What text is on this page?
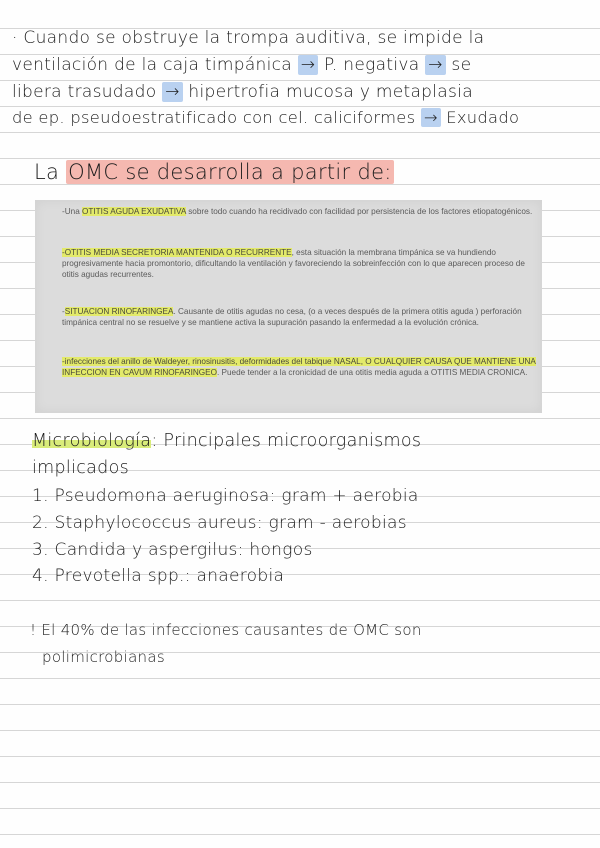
· Cuando se obstruye la trompa auditiva, se impide la
ventilación de la caja timpánica → P. negativa → se
libera trasudado → hipertrofia mucosa y metaplasia
de ep. pseudoestratificado con cel. caliciformes → Exudado
La OMC se desarrolla a partir de:
-Una OTITIS AGUDA EXUDATIVA sobre todo cuando ha recidivado con facilidad por persistencia de los factores etiopatogénicos.
-OTITIS MEDIA SECRETORIA MANTENIDA O RECURRENTE, esta situación la membrana timpánica se va hundiendo progresivamente hacia promontorio, dificultando la ventilación y favoreciendo la sobreinfección con lo que aparecen proceso de otitis agudas recurrentes.
-SITUACION RINOFARINGEA. Causante de otitis agudas no cesa, (o a veces después de la primera otitis aguda ) perforación timpánica central no se resuelve y se mantiene activa la supuración pasando la enfermedad a la evolución crónica.
-infecciones del anillo de Waldeyer, rinosinusitis, deformidades del tabique NASAL, O CUALQUIER CAUSA QUE MANTIENE UNA INFECCION EN CAVUM RINOFARINGEO. Puede tender a la cronicidad de una otitis media aguda a OTITIS MEDIA CRONICA.
Microbiología: Principales microorganismos
implicados
1. Pseudomona aeruginosa: gram + aerobia
2. Staphylococcus aureus: gram - aerobias
3. Candida y aspergilus: hongos
4. Prevotella spp.: anaerobia
! El 40% de las infecciones causantes de OMC son
polimicrobianas
